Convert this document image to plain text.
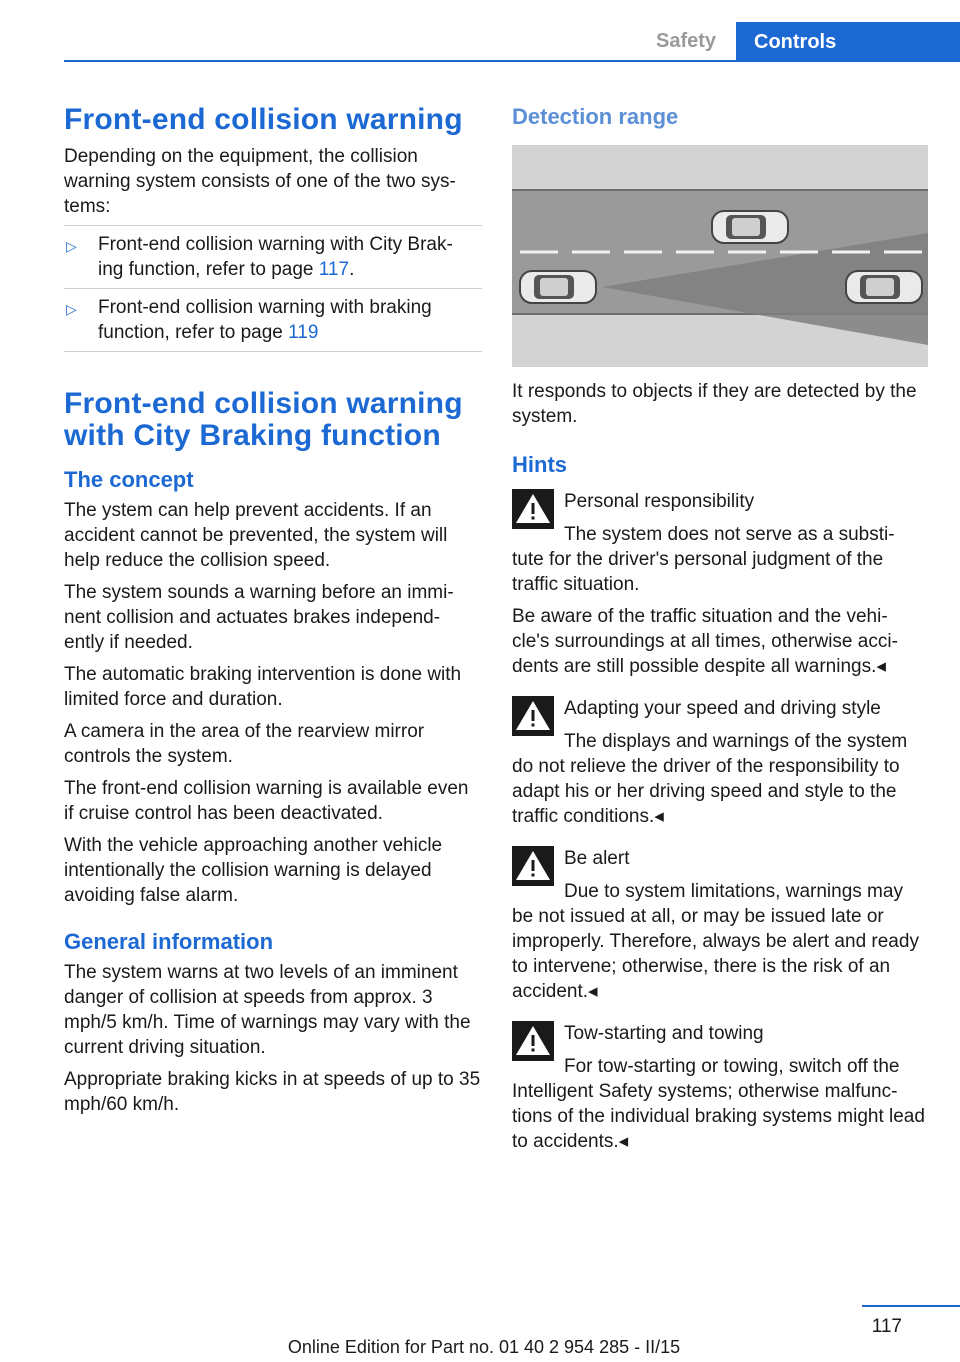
Safety	Controls
Front-end collision warning

Depending on the equipment, the collision warning system consists of one of the two sys- tems:

▷ Front-end collision warning with City Brak- ing function, refer to page 117.
▷ Front-end collision warning with braking function, refer to page 119
Front-end collision warning with City Braking function
The concept

The ystem can help prevent accidents. If an accident cannot be prevented, the system will help reduce the collision speed.

The system sounds a warning before an immi- nent collision and actuates brakes independ- ently if needed.

The automatic braking intervention is done with limited force and duration.

A camera in the area of the rearview mirror controls the system.

The front-end collision warning is available even if cruise control has been deactivated.

With the vehicle approaching another vehicle intentionally the collision warning is delayed avoiding false alarm.

General information

The system warns at two levels of an imminent danger of collision at speeds from approx. 3 mph/5 km/h. Time of warnings may vary with the current driving situation.

Appropriate braking kicks in at speeds of up to 35 mph/60 km/h.

Detection range

It responds to objects if they are detected by the system.

Hints
Personal responsibility

The system does not serve as a substi- tute for the driver's personal judgment of the traffic situation.

Be aware of the traffic situation and the vehi- cle's surroundings at all times, otherwise acci- dents are still possible despite all warnings.◂

Adapting your speed and driving style

The displays and warnings of the system do not relieve the driver of the responsibility to adapt his or her driving speed and style to the traffic conditions.◂

Be alert

Due to system limitations, warnings may be not issued at all, or may be issued late or improperly. Therefore, always be alert and ready to intervene; otherwise, there is the risk of an accident.◂

Tow-starting and towing

For tow-starting or towing, switch off the Intelligent Safety systems; otherwise malfunc- tions of the individual braking systems might lead to accidents.◂

117
Online Edition for Part no. 01 40 2 954 285 - II/15
